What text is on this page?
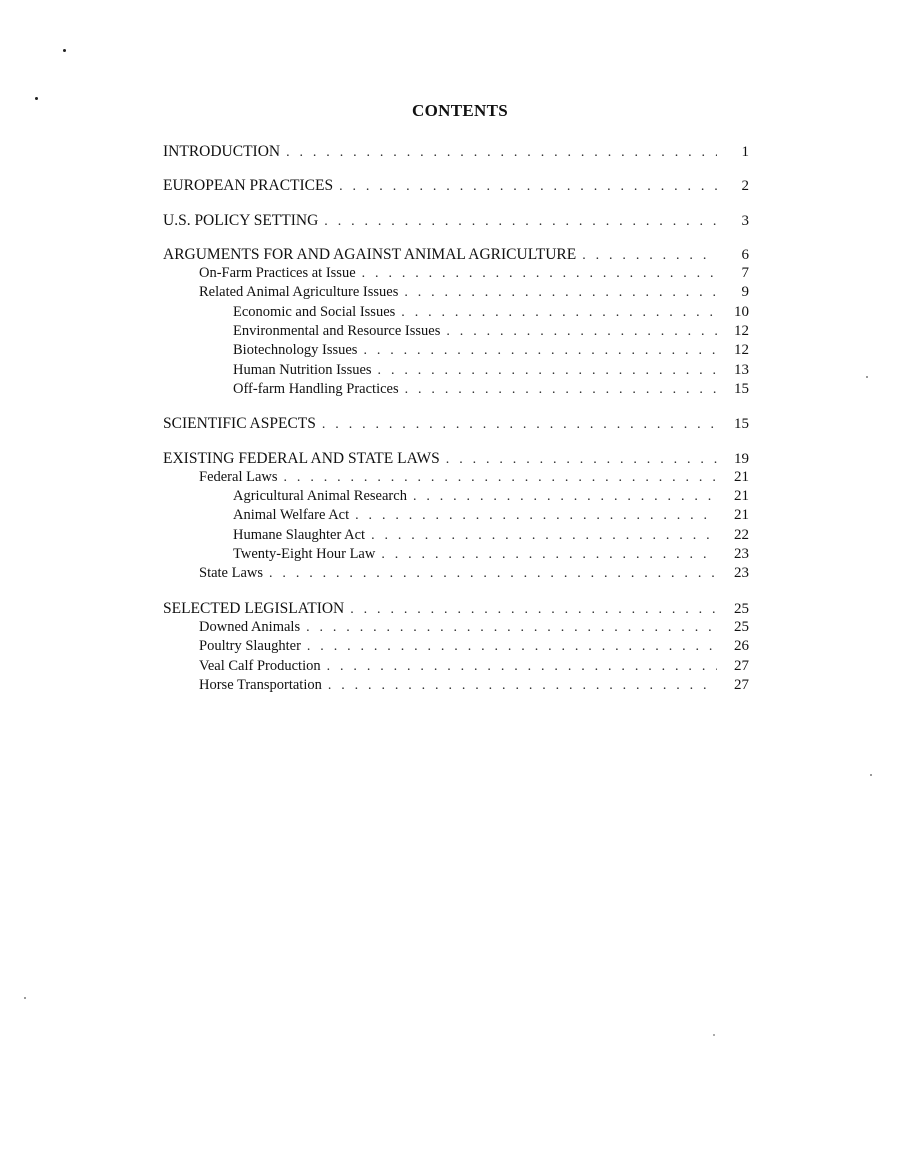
CONTENTS
INTRODUCTION . . .	1
EUROPEAN PRACTICES . . .	2
U.S. POLICY SETTING . . .	3
ARGUMENTS FOR AND AGAINST ANIMAL AGRICULTURE . . .	6
On-Farm Practices at Issue . . .	7
Related Animal Agriculture Issues . . .	9
Economic and Social Issues . . .	10
Environmental and Resource Issues . . .	12
Biotechnology Issues . . .	12
Human Nutrition Issues . . .	13
Off-farm Handling Practices . . .	15
SCIENTIFIC ASPECTS . . .	15
EXISTING FEDERAL AND STATE LAWS . . .	19
Federal Laws . . .	21
Agricultural Animal Research . . .	21
Animal Welfare Act . . .	21
Humane Slaughter Act . . .	22
Twenty-Eight Hour Law . . .	23
State Laws . . .	23
SELECTED LEGISLATION . . .	25
Downed Animals . . .	25
Poultry Slaughter . . .	26
Veal Calf Production . . .	27
Horse Transportation . . .	27
